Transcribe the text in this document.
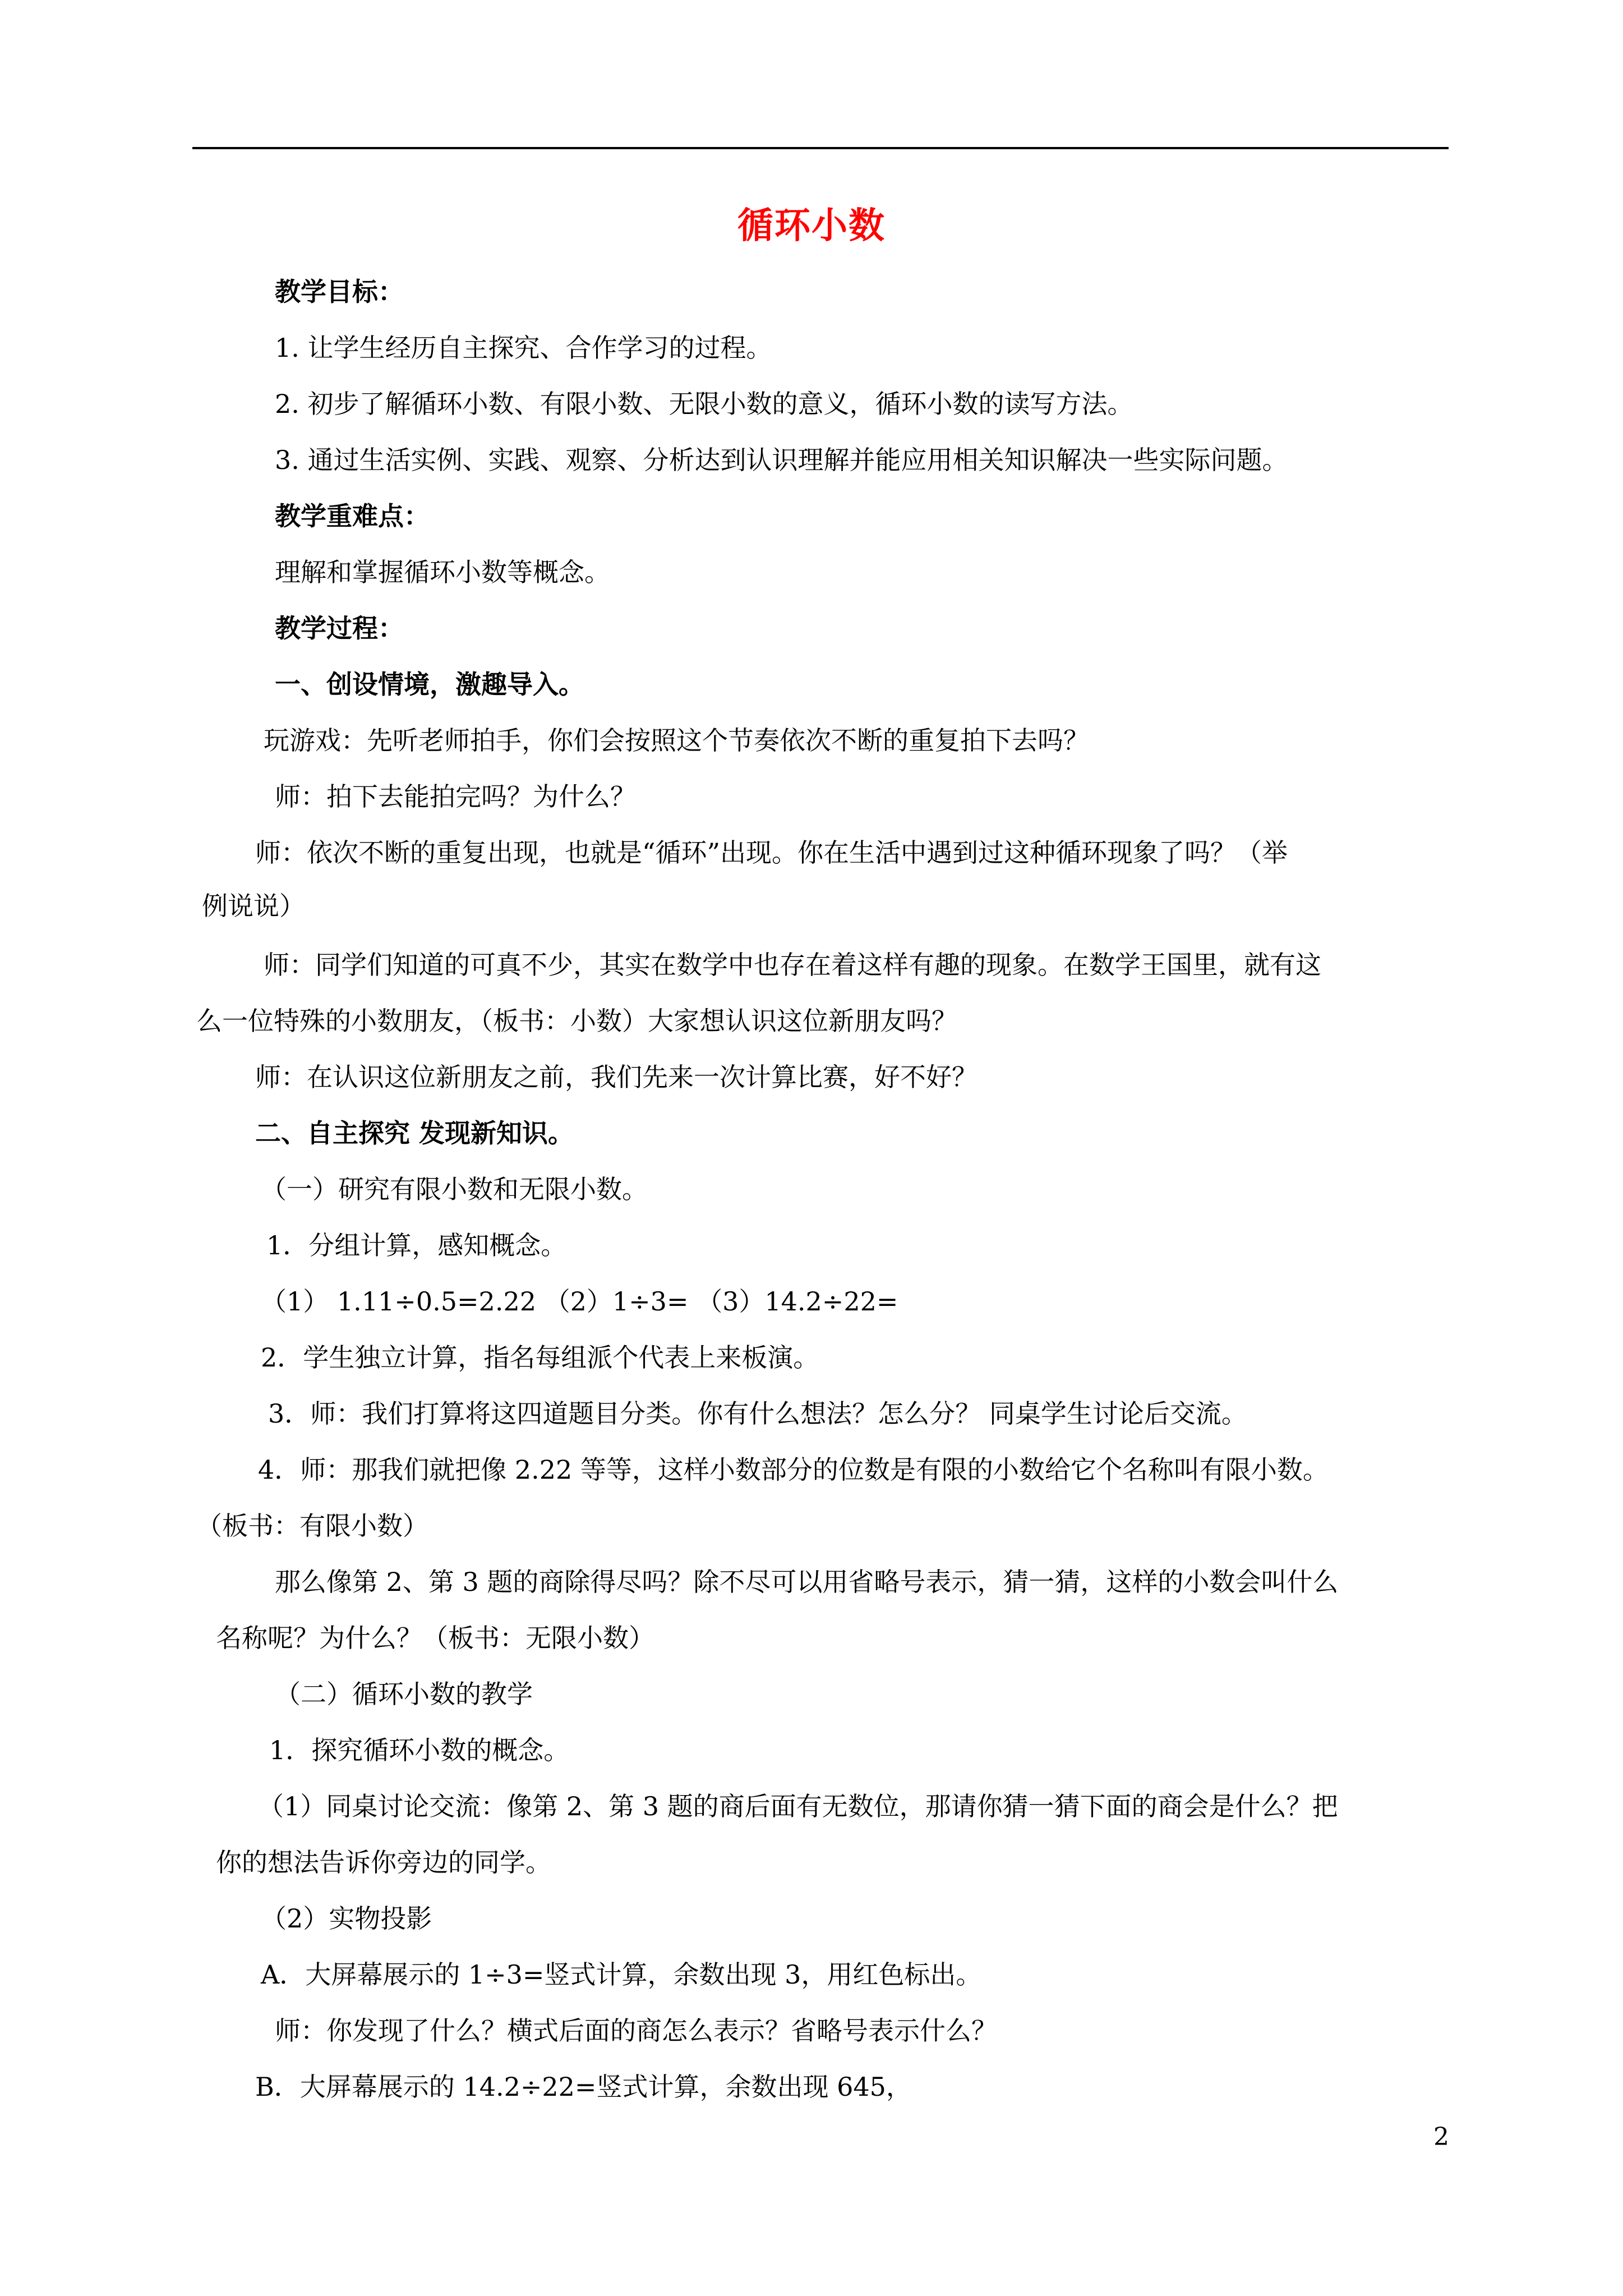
循环小数
教学目标：
1. 让学生经历自主探究、合作学习的过程。
2. 初步了解循环小数、有限小数、无限小数的意义，循环小数的读写方法。
3. 通过生活实例、实践、观察、分析达到认识理解并能应用相关知识解决一些实际问题。
教学重难点：
理解和掌握循环小数等概念。
教学过程：
一、创设情境，激趣导入。
玩游戏：先听老师拍手，你们会按照这个节奏依次不断的重复拍下去吗？
师：拍下去能拍完吗？为什么？
师：依次不断的重复出现，也就是“循环”出现。你在生活中遇到过这种循环现象了吗？（举
例说说）
师：同学们知道的可真不少，其实在数学中也存在着这样有趣的现象。在数学王国里，就有这
么一位特殊的小数朋友，（板书：小数）大家想认识这位新朋友吗？
师：在认识这位新朋友之前，我们先来一次计算比赛，好不好？
二、自主探究 发现新知识。
（一）研究有限小数和无限小数。
1．分组计算，感知概念。
（1） 1.11÷0.5=2.22 （2）1÷3= （3）14.2÷22=
2．学生独立计算，指名每组派个代表上来板演。
3．师：我们打算将这四道题目分类。你有什么想法？怎么分？ 同桌学生讨论后交流。
4．师：那我们就把像 2.22 等等，这样小数部分的位数是有限的小数给它个名称叫有限小数。
（板书：有限小数）
那么像第 2、第 3 题的商除得尽吗？除不尽可以用省略号表示，猜一猜，这样的小数会叫什么
名称呢？为什么？（板书：无限小数）
（二）循环小数的教学
1．探究循环小数的概念。
（1）同桌讨论交流：像第 2、第 3 题的商后面有无数位，那请你猜一猜下面的商会是什么？把
你的想法告诉你旁边的同学。
（2）实物投影
A．大屏幕展示的 1÷3=竖式计算，余数出现 3，用红色标出。
师：你发现了什么？横式后面的商怎么表示？省略号表示什么？
B．大屏幕展示的 14.2÷22=竖式计算，余数出现 645，
2
